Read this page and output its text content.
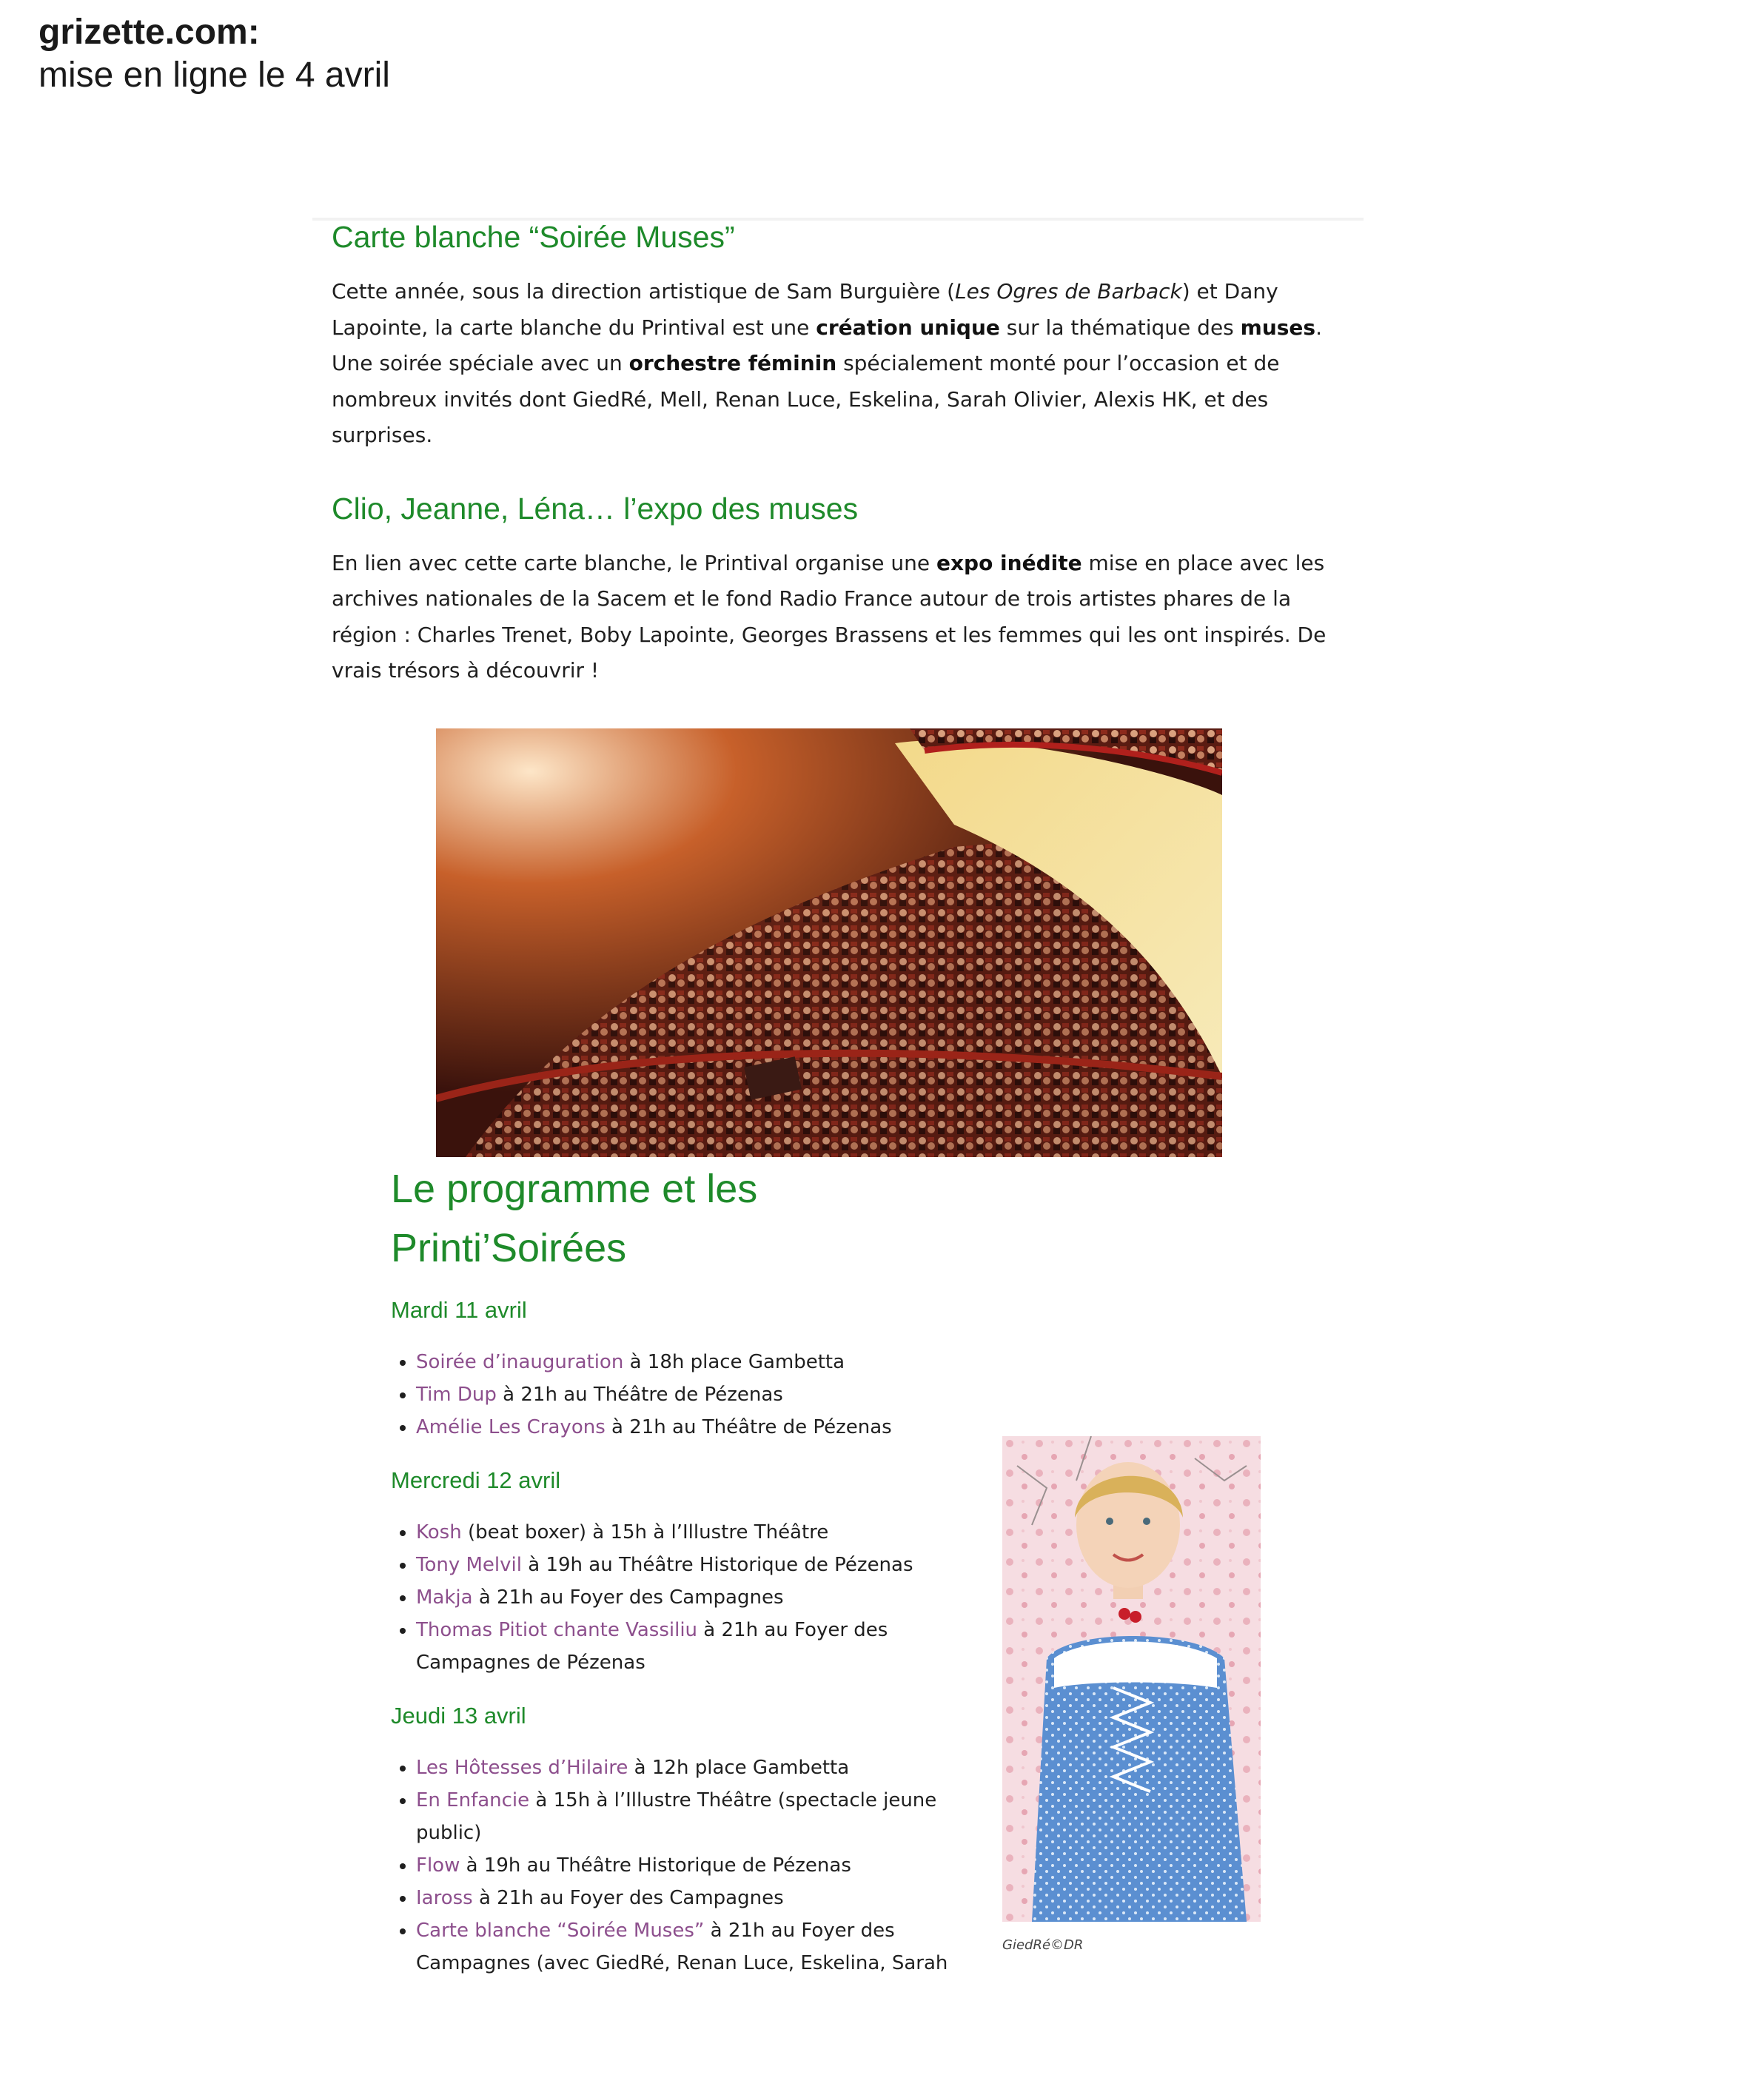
grizette.com:
mise en ligne le 4 avril
Carte blanche “Soirée Muses”

Cette année, sous la direction artistique de Sam Burguière (Les Ogres de Barback) et Dany Lapointe, la carte blanche du Printival est une création unique sur la thématique des muses. Une soirée spéciale avec un orchestre féminin spécialement monté pour l’occasion et de nombreux invités dont GiedRé, Mell, Renan Luce, Eskelina, Sarah Olivier, Alexis HK, et des surprises.

Clio, Jeanne, Léna… l’expo des muses

En lien avec cette carte blanche, le Printival organise une expo inédite mise en place avec les archives nationales de la Sacem et le fond Radio France autour de trois artistes phares de la région : Charles Trenet, Boby Lapointe, Georges Brassens et les femmes qui les ont inspirés. De vrais trésors à découvrir !

Le programme et les Printi’Soirées
Mardi 11 avril
• Soirée d’inauguration à 18h place Gambetta
• Tim Dup à 21h au Théâtre de Pézenas
• Amélie Les Crayons à 21h au Théâtre de Pézenas
Mercredi 12 avril
• Kosh (beat boxer) à 15h à l’Illustre Théâtre
• Tony Melvil à 19h au Théâtre Historique de Pézenas
• Makja à 21h au Foyer des Campagnes
• Thomas Pitiot chante Vassiliu à 21h au Foyer des Campagnes de Pézenas
Jeudi 13 avril
• Les Hôtesses d’Hilaire à 12h place Gambetta
• En Enfancie à 15h à l’Illustre Théâtre (spectacle jeune public)
• Flow à 19h au Théâtre Historique de Pézenas
• Iaross à 21h au Foyer des Campagnes
• Carte blanche “Soirée Muses” à 21h au Foyer des Campagnes (avec GiedRé, Renan Luce, Eskelina, Sarah
GiedRé©DR
